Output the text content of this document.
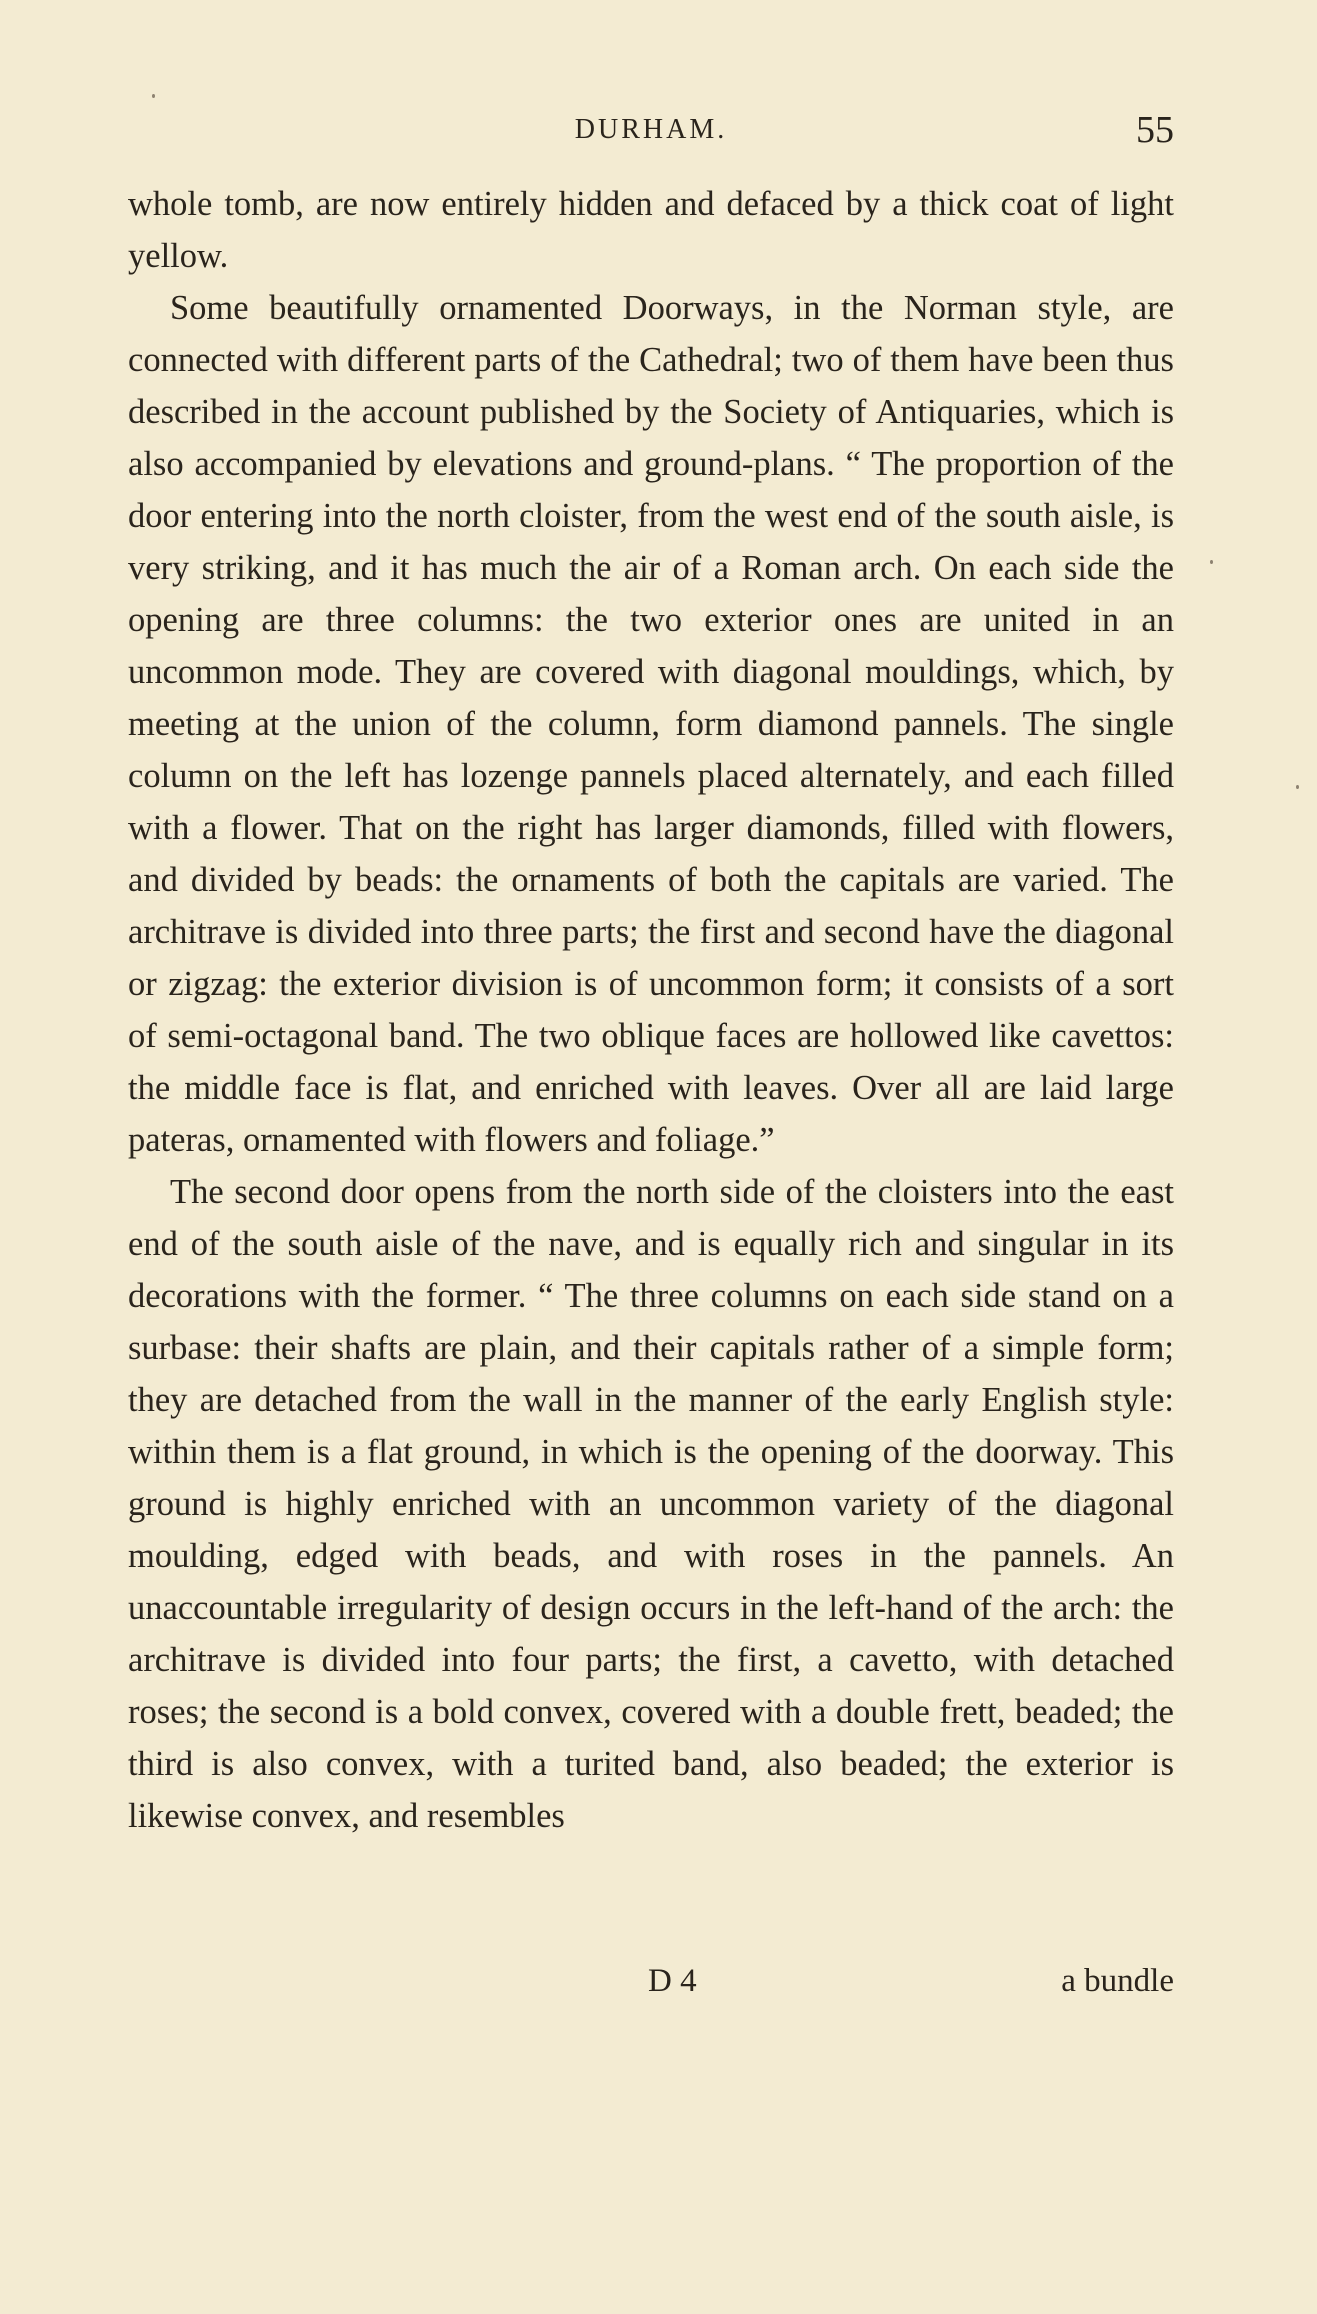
DURHAM.	55

whole tomb, are now entirely hidden and defaced by a thick coat of light yellow.

Some beautifully ornamented Doorways, in the Norman style, are connected with different parts of the Cathedral; two of them have been thus described in the account published by the Society of Antiquaries, which is also accompanied by elevations and ground-plans. “ The proportion of the door entering into the north cloister, from the west end of the south aisle, is very striking, and it has much the air of a Roman arch. On each side the opening are three columns: the two exterior ones are united in an uncommon mode. They are covered with diagonal mouldings, which, by meeting at the union of the column, form diamond pannels. The single column on the left has lozenge pannels placed alternately, and each filled with a flower. That on the right has larger diamonds, filled with flowers, and divided by beads: the ornaments of both the capitals are varied. The architrave is divided into three parts; the first and second have the diagonal or zigzag: the exterior division is of uncommon form; it consists of a sort of semi-octagonal band. The two oblique faces are hollowed like cavettos: the middle face is flat, and enriched with leaves. Over all are laid large pateras, ornamented with flowers and foliage.”

The second door opens from the north side of the cloisters into the east end of the south aisle of the nave, and is equally rich and singular in its decorations with the former. “ The three columns on each side stand on a surbase: their shafts are plain, and their capitals rather of a simple form; they are detached from the wall in the manner of the early English style: within them is a flat ground, in which is the opening of the doorway. This ground is highly enriched with an uncommon variety of the diagonal moulding, edged with beads, and with roses in the pannels. An unaccountable irregularity of design occurs in the left-hand of the arch: the architrave is divided into four parts; the first, a cavetto, with detached roses; the second is a bold convex, covered with a double frett, beaded; the third is also convex, with a turited band, also beaded; the exterior is likewise convex, and resembles

D 4	a bundle
